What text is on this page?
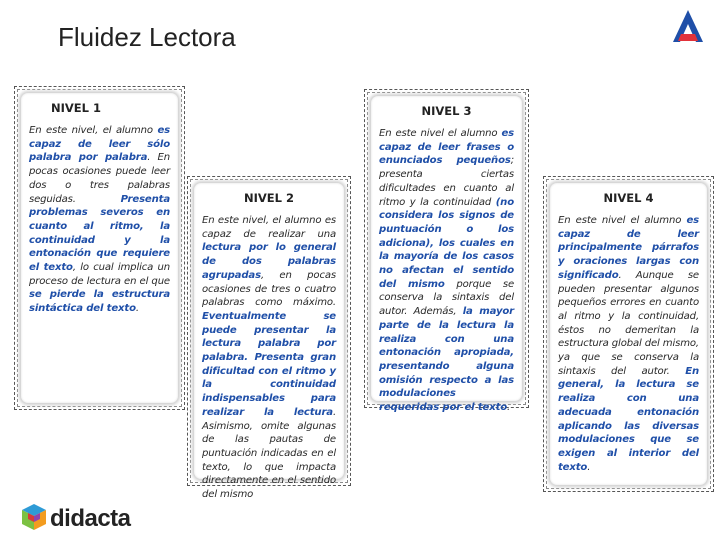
Fluidez Lectora
NIVEL 1
En este nivel, el alumno es capaz de leer sólo palabra por palabra. En pocas ocasiones puede leer dos o tres palabras seguidas. Presenta problemas severos en cuanto al ritmo, la continuidad y la entonación que requiere el texto, lo cual implica un proceso de lectura en el que se pierde la estructura sintáctica del texto.
NIVEL 2
En este nivel, el alumno es capaz de realizar una lectura por lo general de dos palabras agrupadas, en pocas ocasiones de tres o cuatro palabras como máximo. Eventualmente se puede presentar la lectura palabra por palabra. Presenta gran dificultad con el ritmo y la continuidad indispensables para realizar la lectura. Asimismo, omite algunas de las pautas de puntuación indicadas en el texto, lo que impacta directamente en el sentido del mismo
NIVEL 3
En este nivel el alumno es capaz de leer frases o enunciados pequeños; presenta ciertas dificultades en cuanto al ritmo y la continuidad (no considera los signos de puntuación o los adiciona), los cuales en la mayoría de los casos no afectan el sentido del mismo porque se conserva la sintaxis del autor. Además, la mayor parte de la lectura la realiza con una entonación apropiada, presentando alguna omisión respecto a las modulaciones requeridas por el texto.
NIVEL 4
En este nivel el alumno es capaz de leer principalmente párrafos y oraciones largas con significado. Aunque se pueden presentar algunos pequeños errores en cuanto al ritmo y la continuidad, éstos no demeritan la estructura global del mismo, ya que se conserva la sintaxis del autor. En general, la lectura se realiza con una adecuada entonación aplicando las diversas modulaciones que se exigen al interior del texto.
didacta
